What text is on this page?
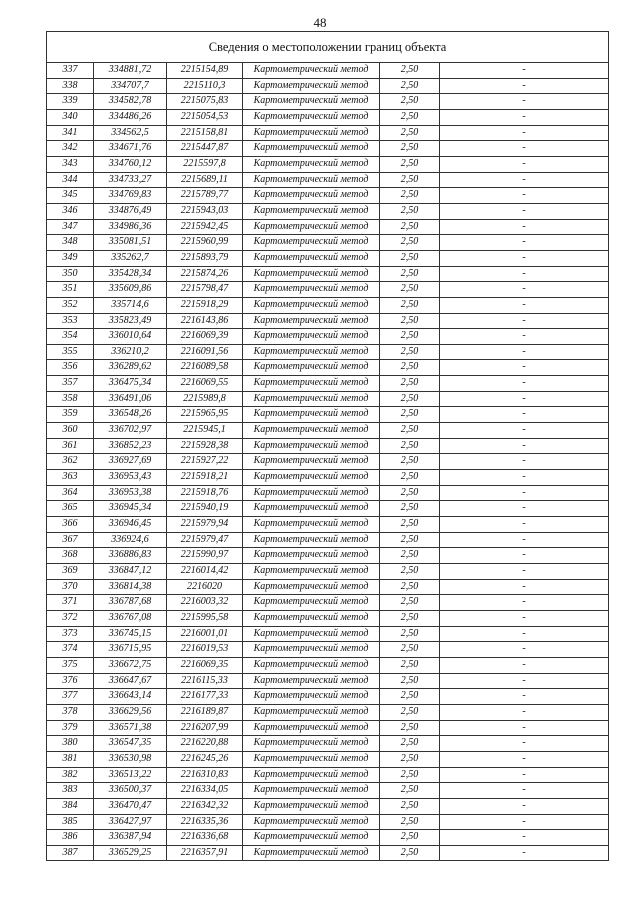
48
Сведения о местоположении границ объекта					
337	334881,72	2215154,89	Картометрический метод	2,50	-
338	334707,7	2215110,3	Картометрический метод	2,50	-
339	334582,78	2215075,83	Картометрический метод	2,50	-
340	334486,26	2215054,53	Картометрический метод	2,50	-
341	334562,5	2215158,81	Картометрический метод	2,50	-
342	334671,76	2215447,87	Картометрический метод	2,50	-
343	334760,12	2215597,8	Картометрический метод	2,50	-
344	334733,27	2215689,11	Картометрический метод	2,50	-
345	334769,83	2215789,77	Картометрический метод	2,50	-
346	334876,49	2215943,03	Картометрический метод	2,50	-
347	334986,36	2215942,45	Картометрический метод	2,50	-
348	335081,51	2215960,99	Картометрический метод	2,50	-
349	335262,7	2215893,79	Картометрический метод	2,50	-
350	335428,34	2215874,26	Картометрический метод	2,50	-
351	335609,86	2215798,47	Картометрический метод	2,50	-
352	335714,6	2215918,29	Картометрический метод	2,50	-
353	335823,49	2216143,86	Картометрический метод	2,50	-
354	336010,64	2216069,39	Картометрический метод	2,50	-
355	336210,2	2216091,56	Картометрический метод	2,50	-
356	336289,62	2216089,58	Картометрический метод	2,50	-
357	336475,34	2216069,55	Картометрический метод	2,50	-
358	336491,06	2215989,8	Картометрический метод	2,50	-
359	336548,26	2215965,95	Картометрический метод	2,50	-
360	336702,97	2215945,1	Картометрический метод	2,50	-
361	336852,23	2215928,38	Картометрический метод	2,50	-
362	336927,69	2215927,22	Картометрический метод	2,50	-
363	336953,43	2215918,21	Картометрический метод	2,50	-
364	336953,38	2215918,76	Картометрический метод	2,50	-
365	336945,34	2215940,19	Картометрический метод	2,50	-
366	336946,45	2215979,94	Картометрический метод	2,50	-
367	336924,6	2215979,47	Картометрический метод	2,50	-
368	336886,83	2215990,97	Картометрический метод	2,50	-
369	336847,12	2216014,42	Картометрический метод	2,50	-
370	336814,38	2216020	Картометрический метод	2,50	-
371	336787,68	2216003,32	Картометрический метод	2,50	-
372	336767,08	2215995,58	Картометрический метод	2,50	-
373	336745,15	2216001,01	Картометрический метод	2,50	-
374	336715,95	2216019,53	Картометрический метод	2,50	-
375	336672,75	2216069,35	Картометрический метод	2,50	-
376	336647,67	2216115,33	Картометрический метод	2,50	-
377	336643,14	2216177,33	Картометрический метод	2,50	-
378	336629,56	2216189,87	Картометрический метод	2,50	-
379	336571,38	2216207,99	Картометрический метод	2,50	-
380	336547,35	2216220,88	Картометрический метод	2,50	-
381	336530,98	2216245,26	Картометрический метод	2,50	-
382	336513,22	2216310,83	Картометрический метод	2,50	-
383	336500,37	2216334,05	Картометрический метод	2,50	-
384	336470,47	2216342,32	Картометрический метод	2,50	-
385	336427,97	2216335,36	Картометрический метод	2,50	-
386	336387,94	2216336,68	Картометрический метод	2,50	-
387	336529,25	2216357,91	Картометрический метод	2,50	-
